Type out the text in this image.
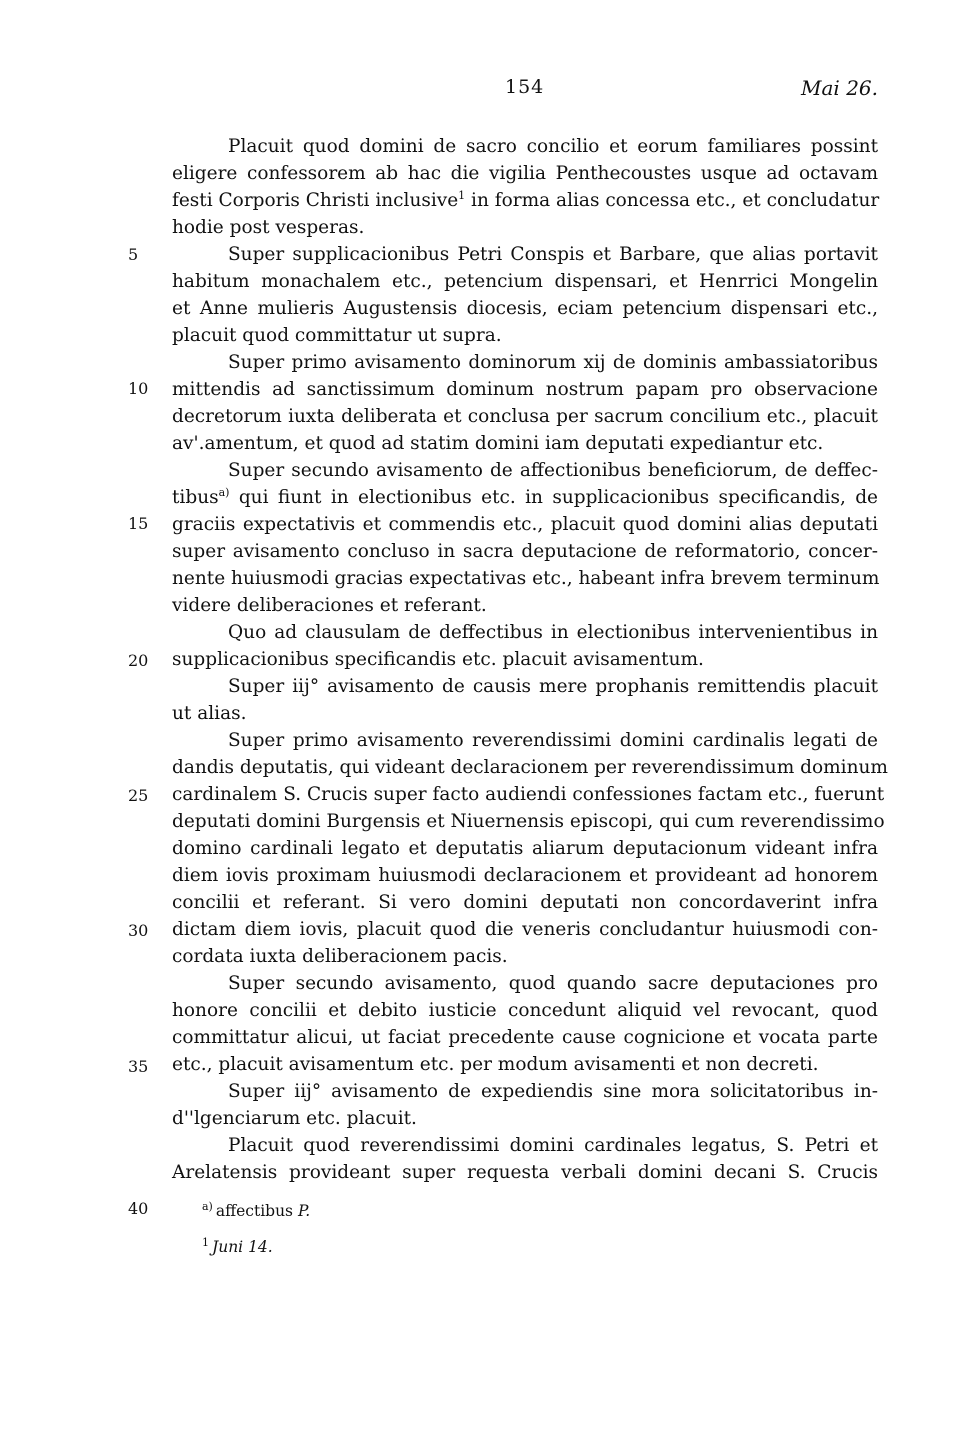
154	Mai 26.
5
10
15
20
25
30
35
40
Placuit quod domini de sacro concilio et eorum familiares possint
eligere confessorem ab hac die vigilia Penthecoustes usque ad octavam
festi Corporis Christi inclusive$^1$ in forma alias concessa etc., et concludatur
hodie post vesperas.
Super supplicacionibus Petri Conspis et Barbare, que alias portavit
habitum monachalem etc., petencium dispensari, et Henrrici Mongelin
et Anne mulieris Augustensis diocesis, eciam petencium dispensari etc.,
placuit quod committatur ut supra.
Super primo avisamento dominorum xij de dominis ambassiatoribus
mittendis ad sanctissimum dominum nostrum papam pro observacione
decretorum iuxta deliberata et conclusa per sacrum concilium etc., placuit
av'.amentum, et quod ad statim domini iam deputati expediantur etc.
Super secundo avisamento de affectionibus beneficiorum, de deffec-
tibus$^{a)}$ qui fiunt in electionibus etc. in supplicacionibus specificandis, de
graciis expectativis et commendis etc., placuit quod domini alias deputati
super avisamento concluso in sacra deputacione de reformatorio, concer-
nente huiusmodi gracias expectativas etc., habeant infra brevem terminum
videre deliberaciones et referant.
Quo ad clausulam de deffectibus in electionibus intervenientibus in
supplicacionibus specificandis etc. placuit avisamentum.
Super iij° avisamento de causis mere prophanis remittendis placuit
ut alias.
Super primo avisamento reverendissimi domini cardinalis legati de
dandis deputatis, qui videant declaracionem per reverendissimum dominum
cardinalem S. Crucis super facto audiendi confessiones factam etc., fuerunt
deputati domini Burgensis et Niuernensis episcopi, qui cum reverendissimo
domino cardinali legato et deputatis aliarum deputacionum videant infra
diem iovis proximam huiusmodi declaracionem et provideant ad honorem
concilii et referant. Si vero domini deputati non concordaverint infra
dictam diem iovis, placuit quod die veneris concludantur huiusmodi con-
cordata iuxta deliberacionem pacis.
Super secundo avisamento, quod quando sacre deputaciones pro
honore concilii et debito iusticie concedunt aliquid vel revocant, quod
committatur alicui, ut faciat precedente cause cognicione et vocata parte
etc., placuit avisamentum etc. per modum avisamenti et non decreti.
Super iij° avisamento de expediendis sine mora solicitatoribus in-
d''lgenciarum etc. placuit.
Placuit quod reverendissimi domini cardinales legatus, S. Petri et
Arelatensis provideant super requesta verbali domini decani S. Crucis
$^{a)}$ affectibus P.
$^1$ Juni 14.
